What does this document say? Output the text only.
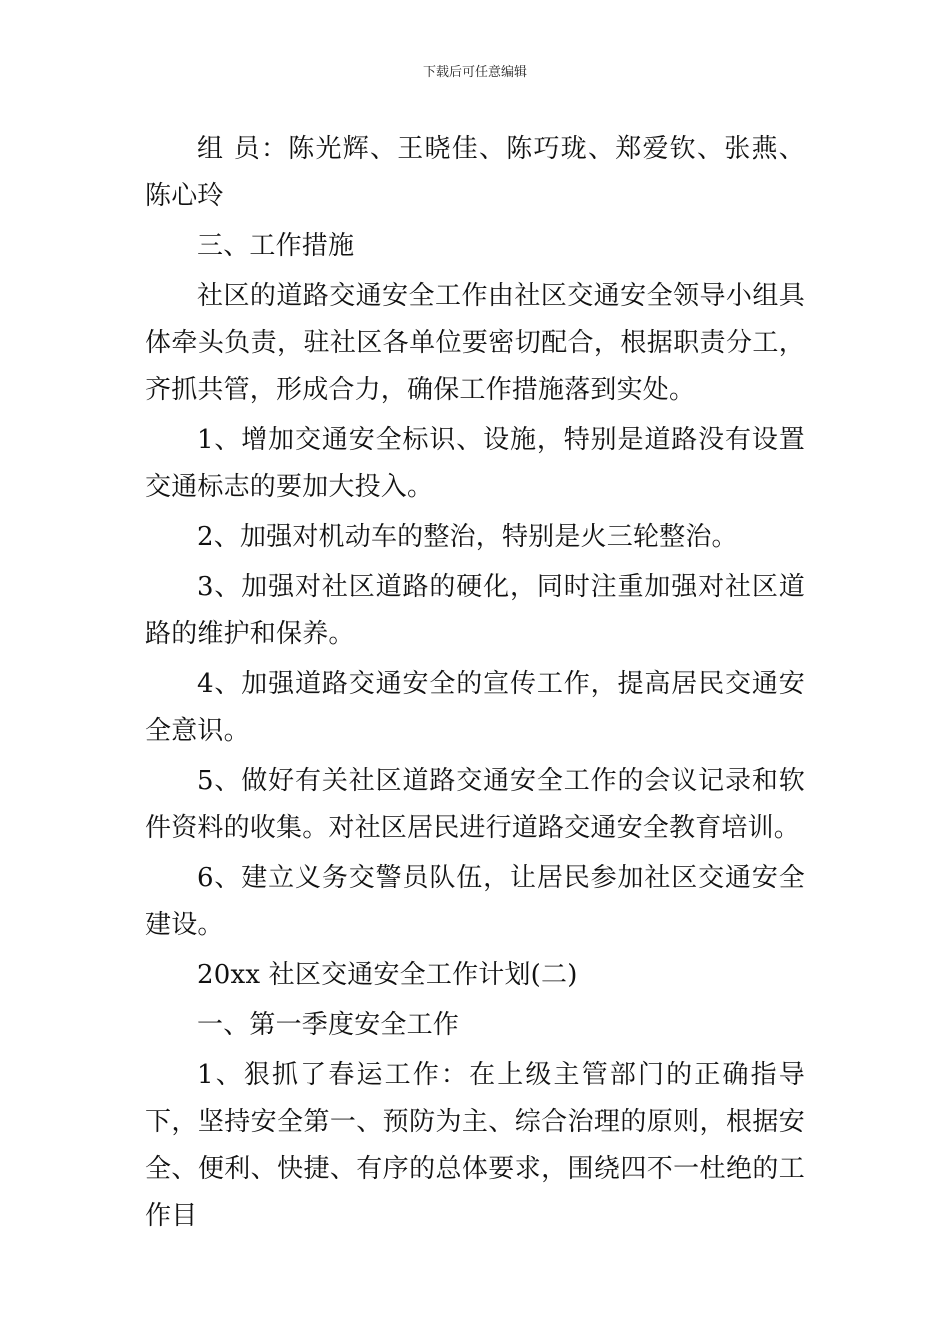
下载后可任意编辑

组 员：陈光辉、王晓佳、陈巧珑、郑爱钦、张燕、陈心玲

三、工作措施

社区的道路交通安全工作由社区交通安全领导小组具体牵头负责，驻社区各单位要密切配合，根据职责分工，齐抓共管，形成合力，确保工作措施落到实处。

1、增加交通安全标识、设施，特别是道路没有设置交通标志的要加大投入。

2、加强对机动车的整治，特别是火三轮整治。

3、加强对社区道路的硬化，同时注重加强对社区道路的维护和保养。

4、加强道路交通安全的宣传工作，提高居民交通安全意识。

5、做好有关社区道路交通安全工作的会议记录和软件资料的收集。对社区居民进行道路交通安全教育培训。

6、建立义务交警员队伍，让居民参加社区交通安全建设。

20xx 社区交通安全工作计划(二)

一、第一季度安全工作

1、狠抓了春运工作：在上级主管部门的正确指导下，坚持安全第一、预防为主、综合治理的原则，根据安全、便利、快捷、有序的总体要求，围绕四不一杜绝的工作目
